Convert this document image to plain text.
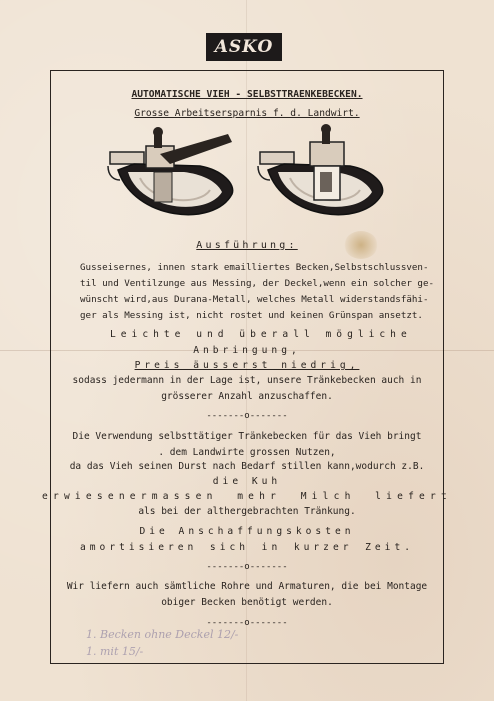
ASKO
AUTOMATISCHE VIEH - SELBSTTRAENKEBECKEN.
Grosse Arbeitsersparnis f. d. Landwirt.
Ausführung:
Gusseisernes, innen stark emailliertes Becken,Selbstschlussven-
til und Ventilzunge aus Messing, der Deckel,wenn ein solcher ge-
wünscht wird,aus Durana-Metall, welches Metall widerstandsfähi-
ger als Messing ist, nicht rostet und keinen Grünspan ansetzt.
Leichte und überall mögliche
Anbringung,
Preis äusserst niedrig,
sodass jedermann in der Lage ist, unsere Tränkebecken auch in
grösserer Anzahl anzuschaffen.
-------o-------
Die Verwendung selbsttätiger Tränkebecken für das Vieh bringt
. dem Landwirte grossen Nutzen,
da das Vieh seinen Durst nach Bedarf stillen kann,wodurch z.B.
die Kuh
erwiesenermassen mehr Milch liefert
als bei der althergebrachten Tränkung.
Die Anschaffungskosten
amortisieren sich in kurzer Zeit.
-------o-------
Wir liefern auch sämtliche Rohre und Armaturen, die bei Montage
obiger Becken benötigt werden.
-------o-------
1. Becken ohne Deckel 12/-
1. mit 15/-
